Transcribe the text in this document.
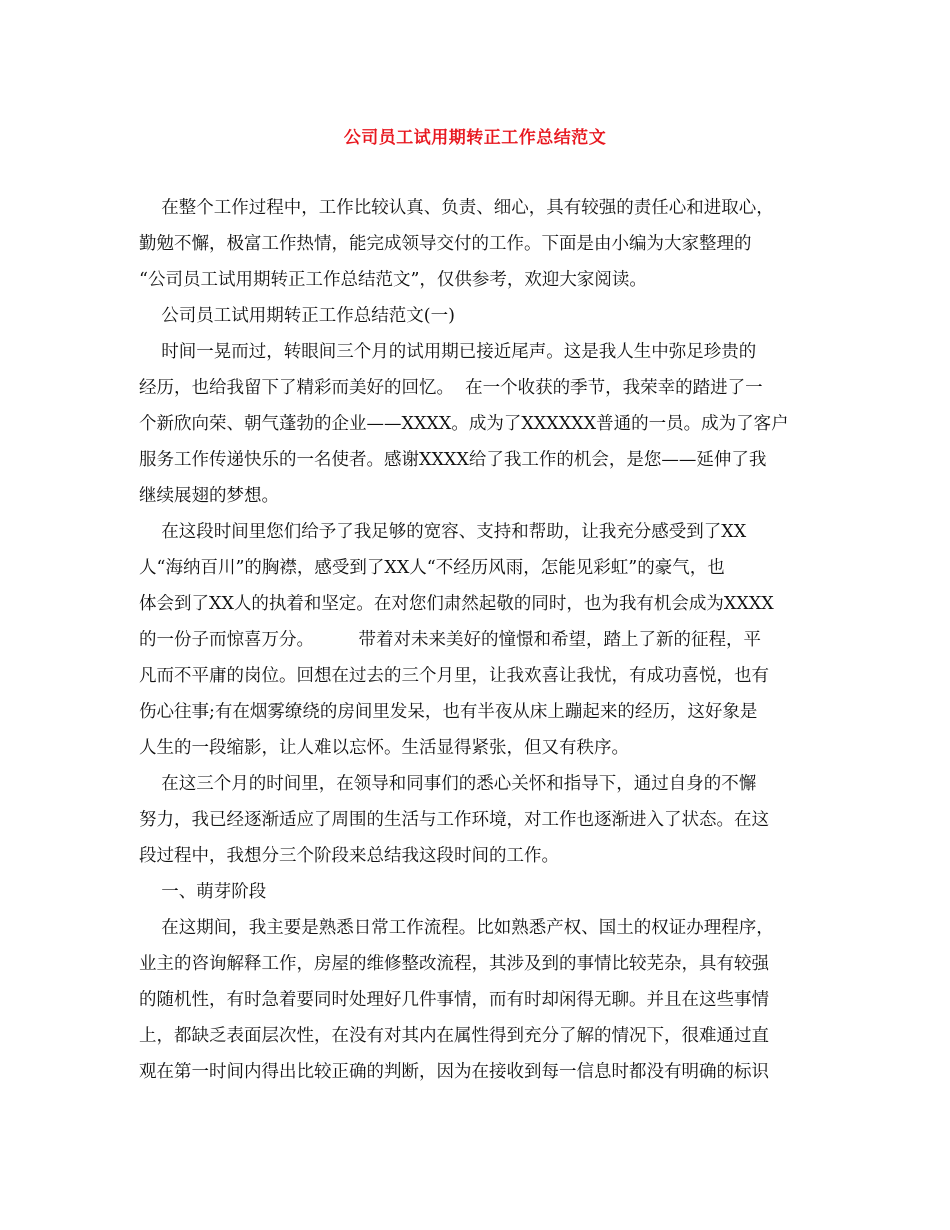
公司员工试用期转正工作总结范文
在整个工作过程中，工作比较认真、负责、细心，具有较强的责任心和进取心，
勤勉不懈，极富工作热情，能完成领导交付的工作。下面是由小编为大家整理的
“公司员工试用期转正工作总结范文”，仅供参考，欢迎大家阅读。
公司员工试用期转正工作总结范文(一)
时间一晃而过，转眼间三个月的试用期已接近尾声。这是我人生中弥足珍贵的
经历，也给我留下了精彩而美好的回忆。  在一个收获的季节，我荣幸的踏进了一
个新欣向荣、朝气蓬勃的企业——XXXX。成为了XXXXXX普通的一员。成为了客户
服务工作传递快乐的一名使者。感谢XXXX给了我工作的机会，是您——延伸了我
继续展翅的梦想。
在这段时间里您们给予了我足够的宽容、支持和帮助，让我充分感受到了XX
人“海纳百川”的胸襟，感受到了XX人“不经历风雨，怎能见彩虹”的豪气，也
体会到了XX人的执着和坚定。在对您们肃然起敬的同时，也为我有机会成为XXXX
的一份子而惊喜万分。        带着对未来美好的憧憬和希望，踏上了新的征程，平
凡而不平庸的岗位。回想在过去的三个月里，让我欢喜让我忧，有成功喜悦，也有
伤心往事;有在烟雾缭绕的房间里发呆，也有半夜从床上蹦起来的经历，这好象是
人生的一段缩影，让人难以忘怀。生活显得紧张，但又有秩序。
在这三个月的时间里，在领导和同事们的悉心关怀和指导下，通过自身的不懈
努力，我已经逐渐适应了周围的生活与工作环境，对工作也逐渐进入了状态。在这
段过程中，我想分三个阶段来总结我这段时间的工作。
一、萌芽阶段
在这期间，我主要是熟悉日常工作流程。比如熟悉产权、国土的权证办理程序，
业主的咨询解释工作，房屋的维修整改流程，其涉及到的事情比较芜杂，具有较强
的随机性，有时急着要同时处理好几件事情，而有时却闲得无聊。并且在这些事情
上，都缺乏表面层次性，在没有对其内在属性得到充分了解的情况下，很难通过直
观在第一时间内得出比较正确的判断，因为在接收到每一信息时都没有明确的标识
